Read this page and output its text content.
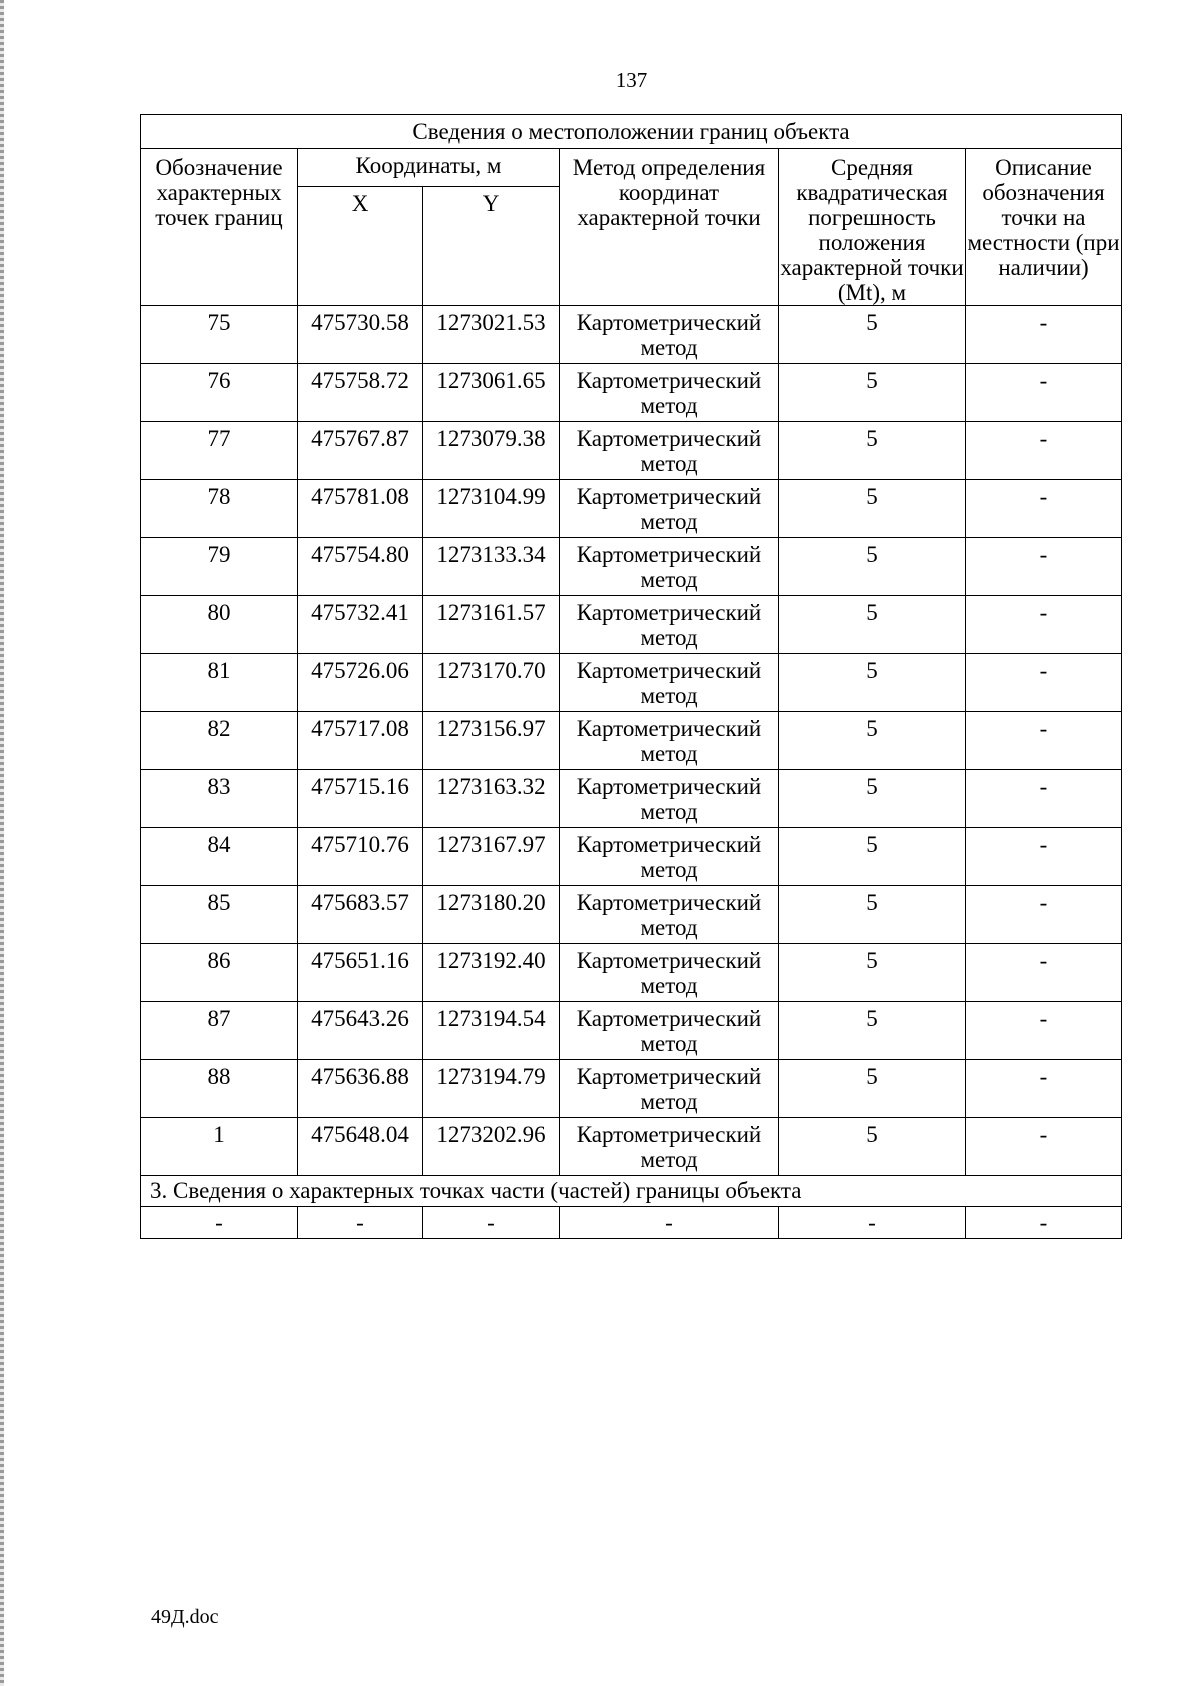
137
Сведения о местоположении границ объекта					
Обозначение характерных точек границ	Координаты, м		Метод определения координат характерной точки	Средняя квадратическая погрешность положения характерной точки (Mt), м	Описание обозначения точки на местности (при наличии)
	X	Y			
75	475730.58	1273021.53	Картометрический метод	5	-
76	475758.72	1273061.65	Картометрический метод	5	-
77	475767.87	1273079.38	Картометрический метод	5	-
78	475781.08	1273104.99	Картометрический метод	5	-
79	475754.80	1273133.34	Картометрический метод	5	-
80	475732.41	1273161.57	Картометрический метод	5	-
81	475726.06	1273170.70	Картометрический метод	5	-
82	475717.08	1273156.97	Картометрический метод	5	-
83	475715.16	1273163.32	Картометрический метод	5	-
84	475710.76	1273167.97	Картометрический метод	5	-
85	475683.57	1273180.20	Картометрический метод	5	-
86	475651.16	1273192.40	Картометрический метод	5	-
87	475643.26	1273194.54	Картометрический метод	5	-
88	475636.88	1273194.79	Картометрический метод	5	-
1	475648.04	1273202.96	Картометрический метод	5	-
3. Сведения о характерных точках части (частей) границы объекта					
-	-	-	-	-	-
49Д.doc
